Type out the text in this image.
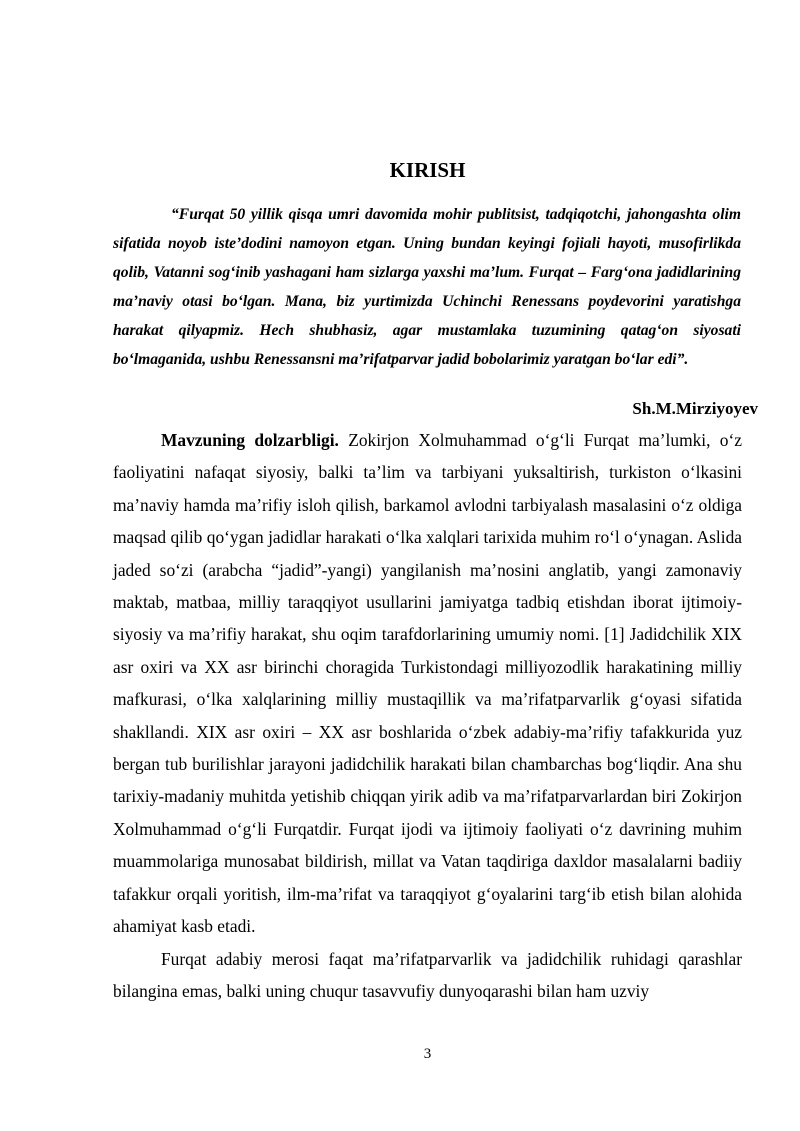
KIRISH
“Furqat 50 yillik qisqa umri davomida mohir publitsist, tadqiqotchi, jahongashta olim sifatida noyob iste’dodini namoyon etgan. Uning bundan keyingi fojiali hayoti, musofirlikda qolib, Vatanni sog‘inib yashagani ham sizlarga yaxshi ma’lum. Furqat – Farg‘ona jadidlarining ma’naviy otasi bo‘lgan. Mana, biz yurtimizda Uchinchi Renessans poydevorini yaratishga harakat qilyapmiz. Hech shubhasiz, agar mustamlaka tuzumining qatag‘on siyosati bo‘lmaganida, ushbu Renessansni ma’rifatparvar jadid bobolarimiz yaratgan bo‘lar edi”.
Sh.M.Mirziyoyev

Mavzuning dolzarbligi. Zokirjon Xolmuhammad o‘g‘li Furqat ma’lumki, o‘z faoliyatini nafaqat siyosiy, balki ta’lim va tarbiyani yuksaltirish, turkiston o‘lkasini ma’naviy hamda ma’rifiy isloh qilish, barkamol avlodni tarbiyalash masalasini o‘z oldiga maqsad qilib qo‘ygan jadidlar harakati o‘lka xalqlari tarixida muhim ro‘l o‘ynagan. Aslida jaded so‘zi (arabcha “jadid”-yangi) yangilanish ma’nosini anglatib, yangi zamonaviy maktab, matbaa, milliy taraqqiyot usullarini jamiyatga tadbiq etishdan iborat ijtimoiy-siyosiy va ma’rifiy harakat, shu oqim tarafdorlarining umumiy nomi. [1] Jadidchilik XIX asr oxiri va XX asr birinchi choragida Turkistondagi milliyozodlik harakatining milliy mafkurasi, o‘lka xalqlarining milliy mustaqillik va ma’rifatparvarlik g‘oyasi sifatida shakllandi. XIX asr oxiri – XX asr boshlarida o‘zbek adabiy-ma’rifiy tafakkurida yuz bergan tub burilishlar jarayoni jadidchilik harakati bilan chambarchas bog‘liqdir. Ana shu tarixiy-madaniy muhitda yetishib chiqqan yirik adib va ma’rifatparvarlardan biri Zokirjon Xolmuhammad o‘g‘li Furqatdir. Furqat ijodi va ijtimoiy faoliyati o‘z davrining muhim muammolariga munosabat bildirish, millat va Vatan taqdiriga daxldor masalalarni badiiy tafakkur orqali yoritish, ilm-ma’rifat va taraqqiyot g‘oyalarini targ‘ib etish bilan alohida ahamiyat kasb etadi.

Furqat adabiy merosi faqat ma’rifatparvarlik va jadidchilik ruhidagi qarashlar bilangina emas, balki uning chuqur tasavvufiy dunyoqarashi bilan ham uzviy

3
